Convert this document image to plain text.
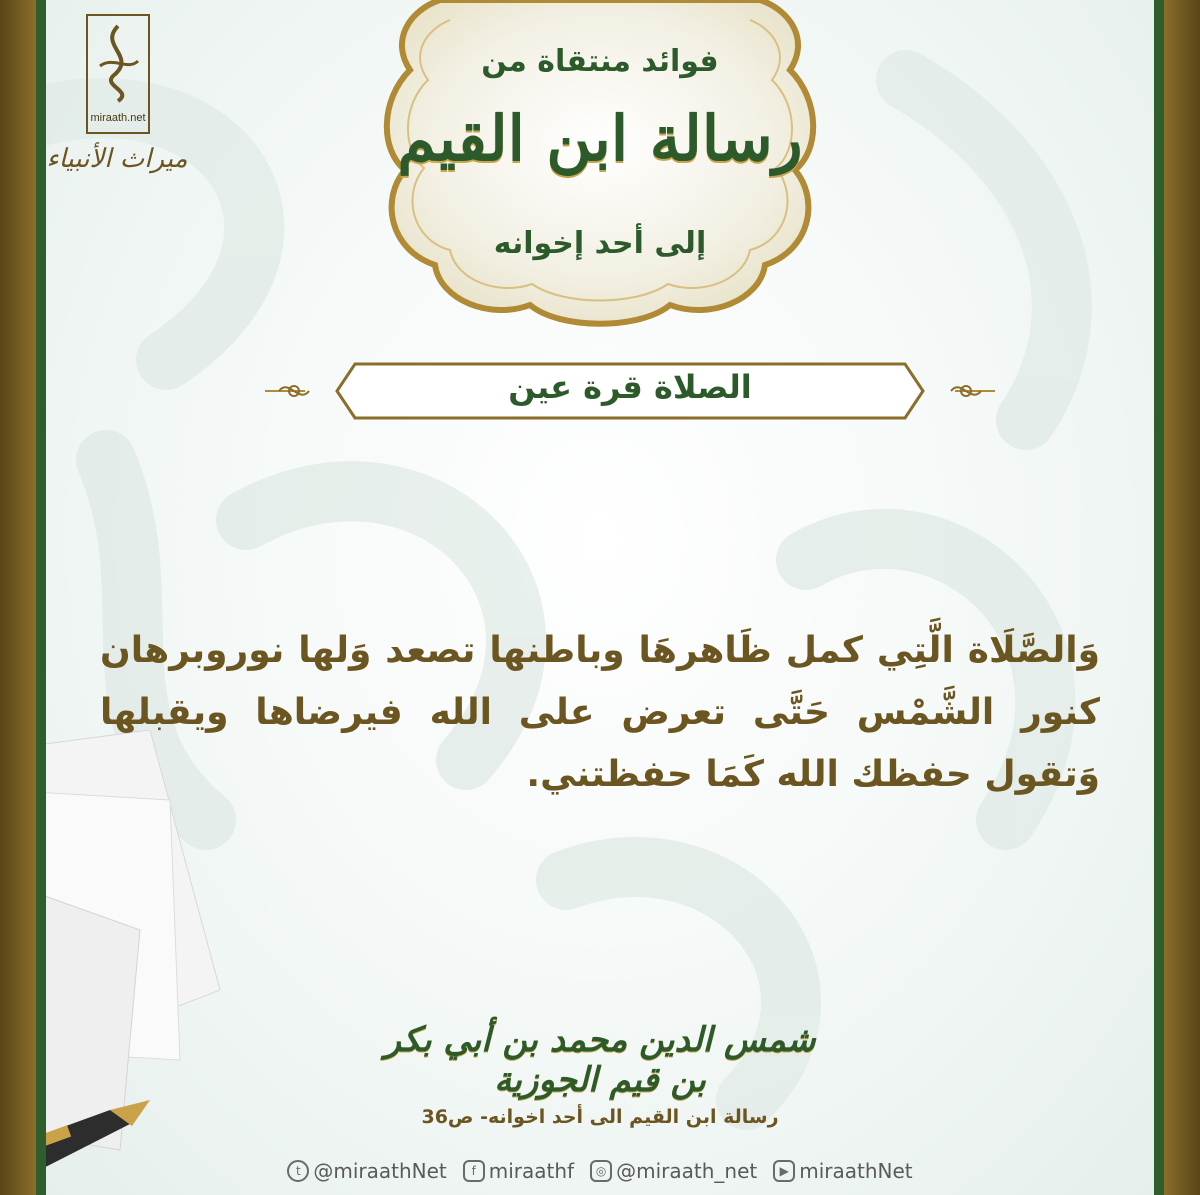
miraath.net
ميراث الأنبياء
فوائد منتقاة من
رسالة ابن القيم
إلى أحد إخوانه
الصلاة قرة عين
وَالصَّلَاة الَّتِي كمل ظَاهرهَا وباطنها تصعد وَلها نوروبرهان كنور الشَّمْس حَتَّى تعرض على الله فيرضاها ويقبلها وَتقول حفظك الله كَمَا حفظتني.
شمس الدين محمد بن أبي بكر بن قيم الجوزية
رسالة ابن القيم الى أحد اخوانه- ص36
t @miraathNet	f miraathf	◎ @miraath_net	▶ miraathNet
